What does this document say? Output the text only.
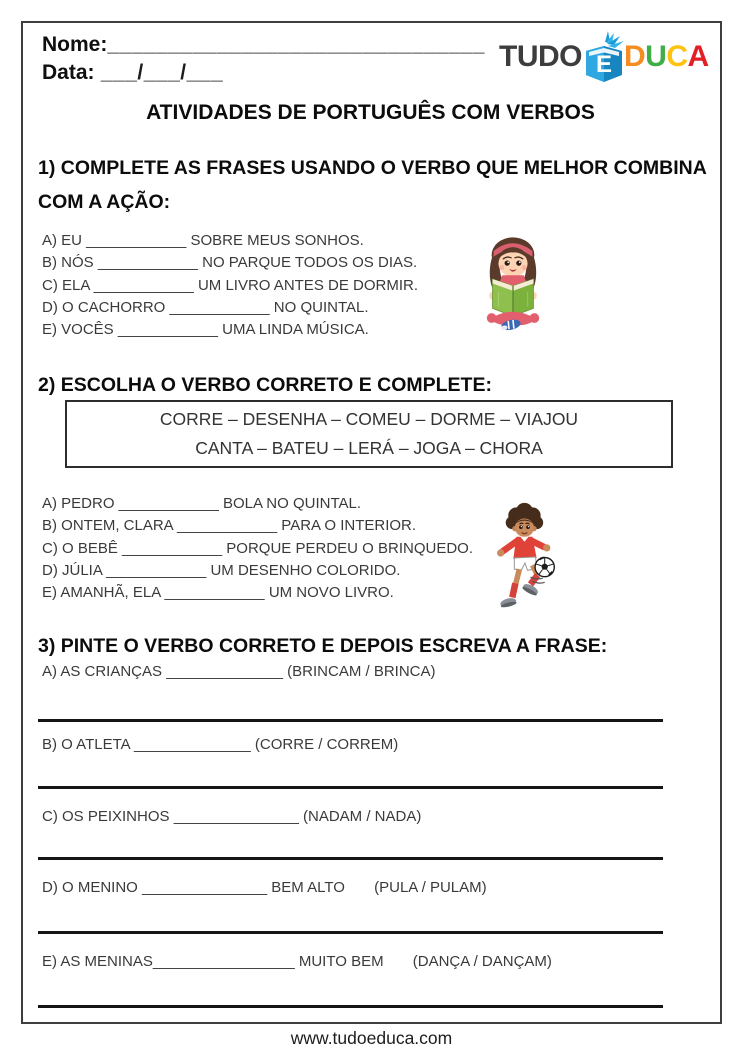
Nome:_______________________________
Data: ___/___/___	TUDO E D U C A
ATIVIDADES DE PORTUGUÊS COM VERBOS
1) COMPLETE AS FRASES USANDO O VERBO QUE MELHOR COMBINA COM A AÇÃO:
A) EU ____________ SOBRE MEUS SONHOS.
B) NÓS ____________ NO PARQUE TODOS OS DIAS.
C) ELA ____________ UM LIVRO ANTES DE DORMIR.
D) O CACHORRO ____________ NO QUINTAL.
E) VOCÊS ____________ UMA LINDA MÚSICA.
2) ESCOLHA O VERBO CORRETO E COMPLETE:
CORRE – DESENHA – COMEU – DORME – VIAJOU
CANTA – BATEU – LERÁ – JOGA – CHORA
A) PEDRO ____________ BOLA NO QUINTAL.
B) ONTEM, CLARA ____________ PARA O INTERIOR.
C) O BEBÊ ____________ PORQUE PERDEU O BRINQUEDO.
D) JÚLIA ____________ UM DESENHO COLORIDO.
E) AMANHÃ, ELA ____________ UM NOVO LIVRO.
3) PINTE O VERBO CORRETO E DEPOIS ESCREVA A FRASE:
A) AS CRIANÇAS ______________ (BRINCAM / BRINCA)
B) O ATLETA ______________ (CORRE / CORREM)
C) OS PEIXINHOS _______________ (NADAM / NADA)
D) O MENINO _______________ BEM ALTO       (PULA / PULAM)
E) AS MENINAS_________________ MUITO BEM       (DANÇA / DANÇAM)
www.tudoeduca.com
